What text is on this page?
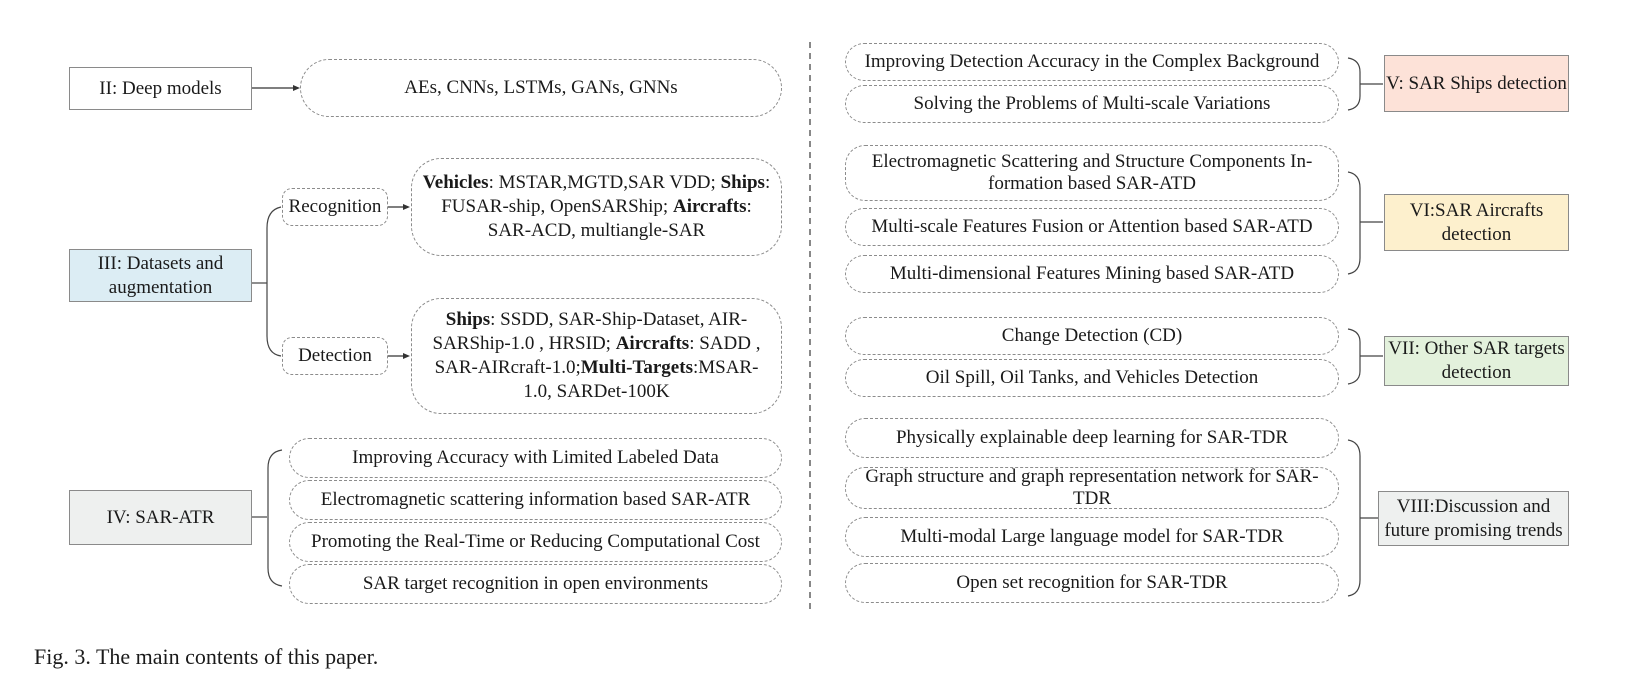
II: Deep models	AEs, CNNs, LSTMs, GANs, GNNs
III: Datasets and augmentation
Recognition
Detection
Vehicles: MSTAR,MGTD,SAR VDD; Ships: FUSAR-ship, OpenSARShip; Aircrafts: SAR-ACD, multiangle-SAR
Ships: SSDD, SAR-Ship-Dataset, AIR-SARShip-1.0 , HRSID; Aircrafts: SADD , SAR-AIRcraft-1.0;Multi-Targets:MSAR-1.0, SARDet-100K
IV: SAR-ATR
Improving Accuracy with Limited Labeled Data
Electromagnetic scattering information based SAR-ATR
Promoting the Real-Time or Reducing Computational Cost
SAR target recognition in open environments
Improving Detection Accuracy in the Complex Background
Solving the Problems of Multi-scale Variations
V: SAR Ships detection
Electromagnetic Scattering and Structure Components In-formation based SAR-ATD
Multi-scale Features Fusion or Attention based SAR-ATD
Multi-dimensional Features Mining based SAR-ATD
VI:SAR Aircrafts detection
Change Detection (CD)
Oil Spill, Oil Tanks, and Vehicles Detection
VII: Other SAR targets detection
Physically explainable deep learning for SAR-TDR
Graph structure and graph representation network for SAR-TDR
Multi-modal Large language model for SAR-TDR
Open set recognition for SAR-TDR
VIII:Discussion and future promising trends
Fig. 3. The main contents of this paper.
